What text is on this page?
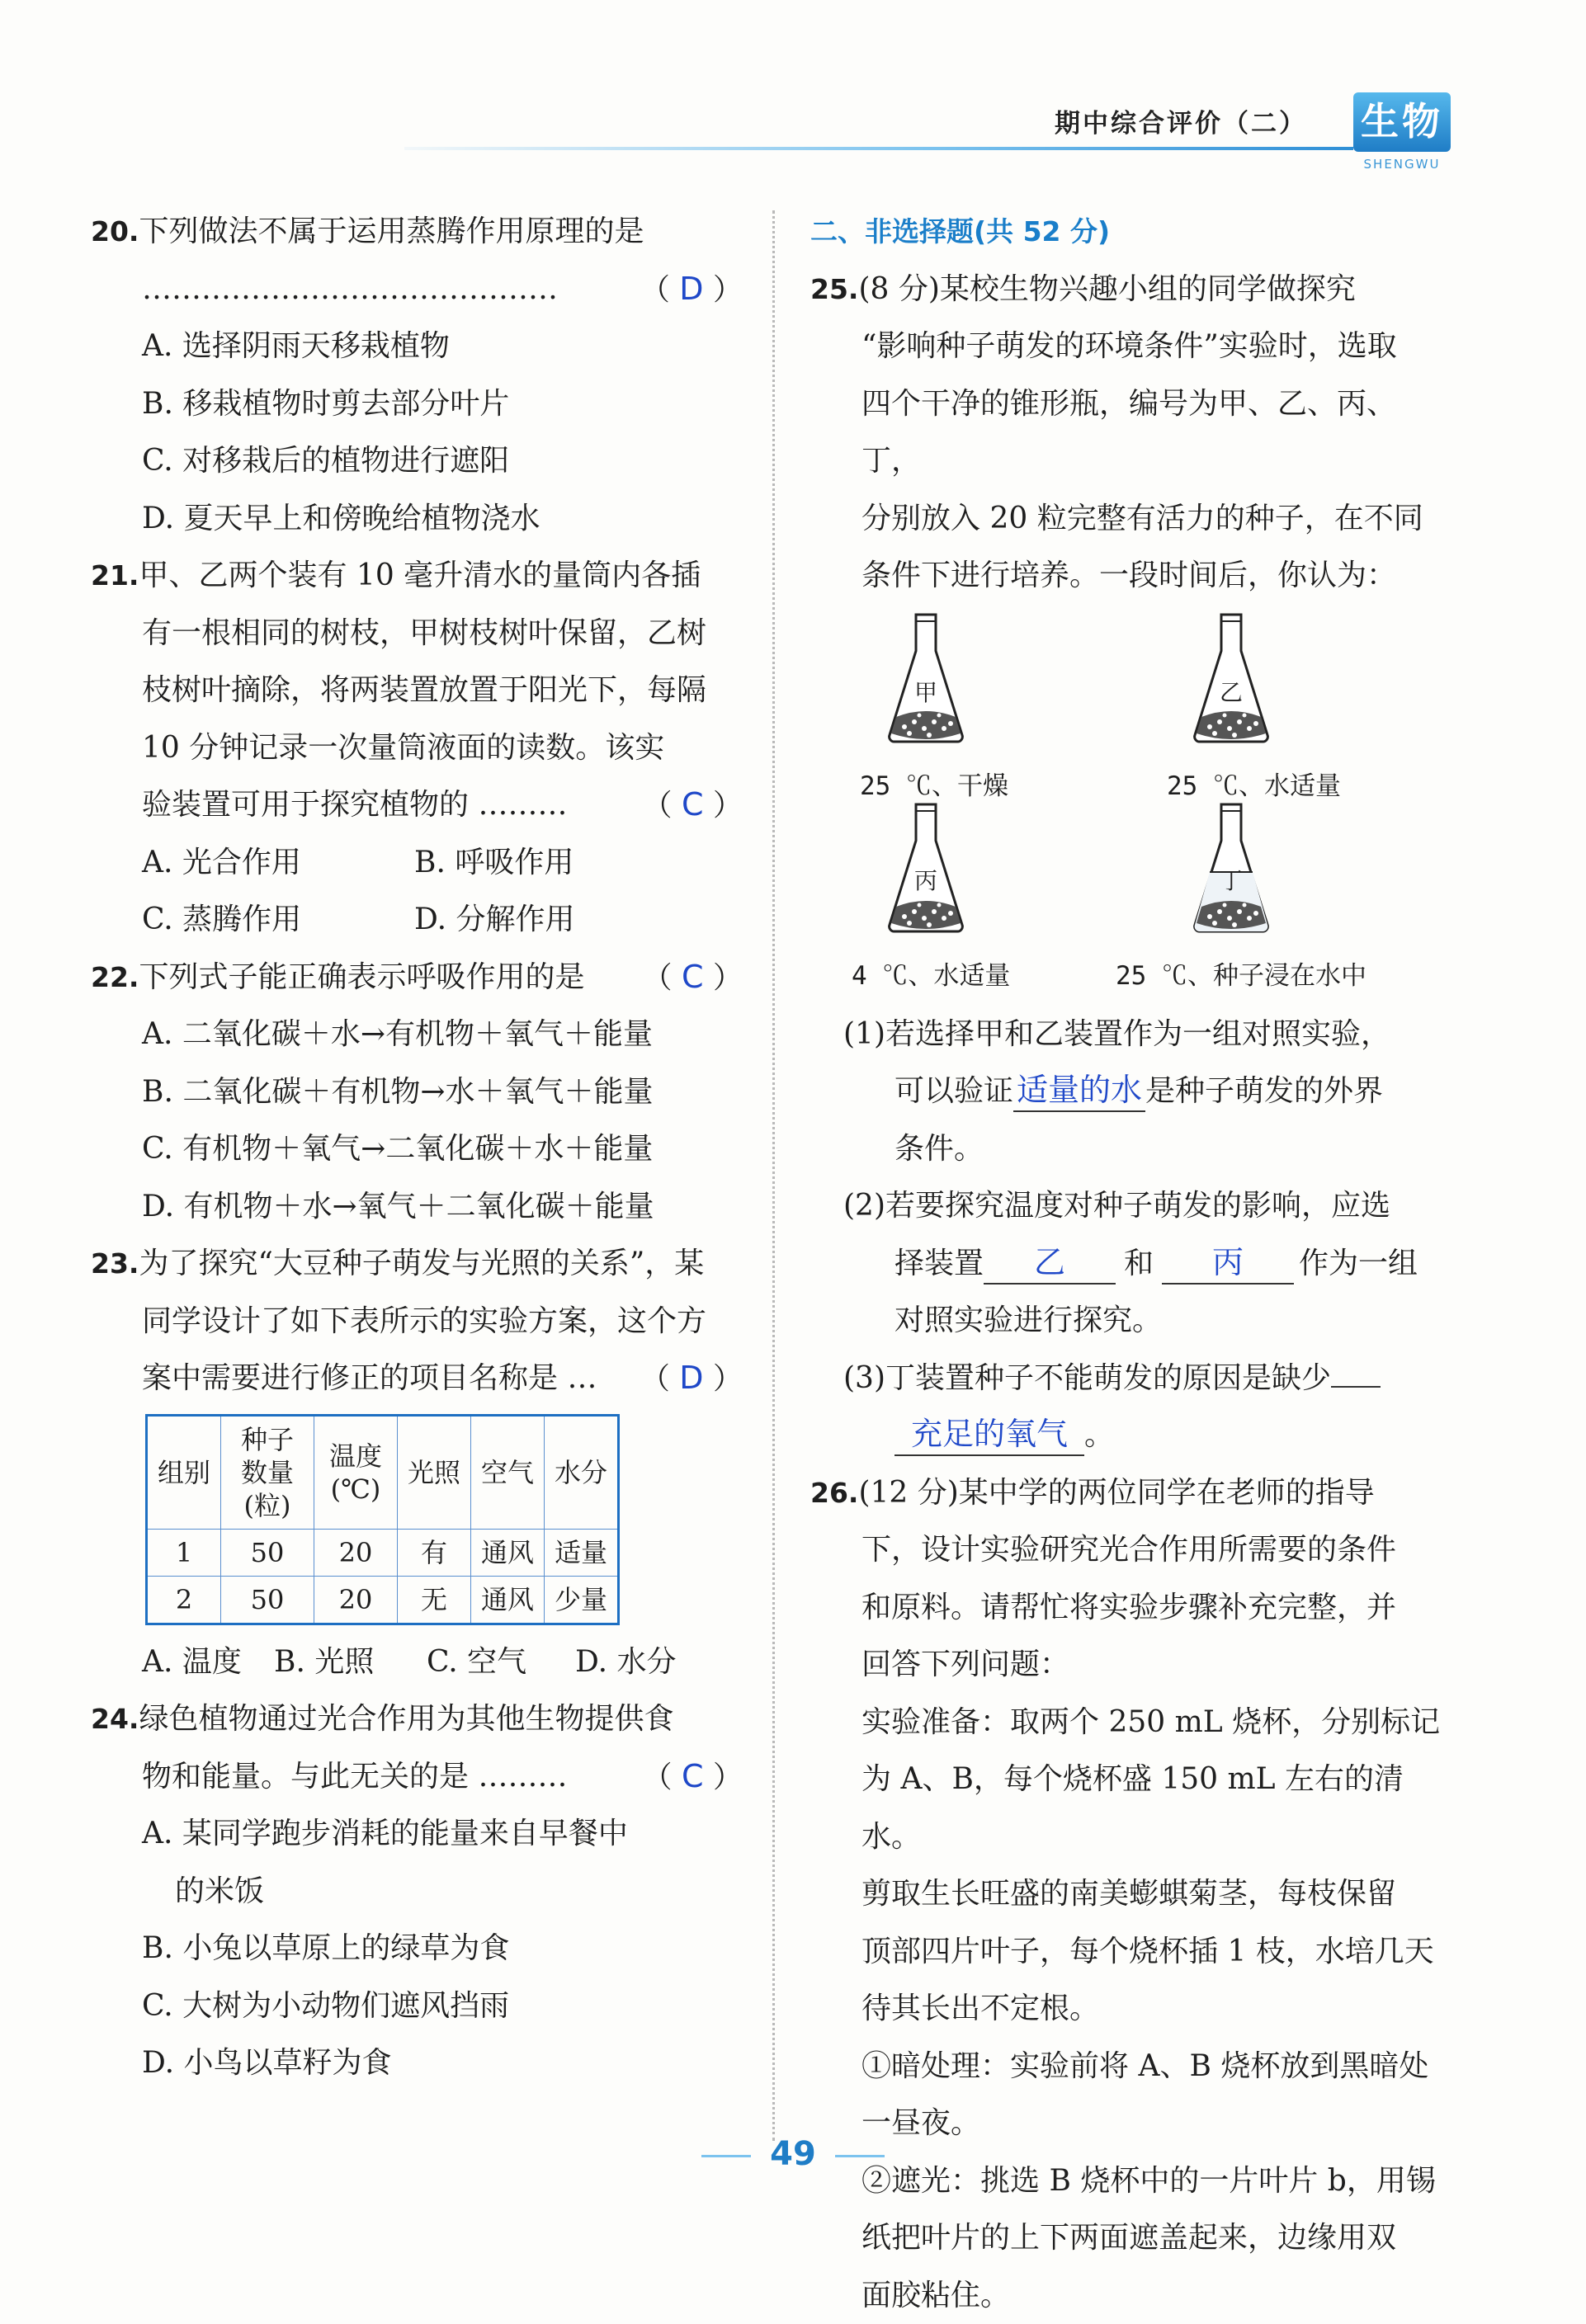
期中综合评价（二） 生物
SHENGWU

20.下列做法不属于运用蒸腾作用原理的是

……………………………………	（ D ）

A. 选择阴雨天移栽植物

B. 移栽植物时剪去部分叶片

C. 对移栽后的植物进行遮阳

D. 夏天早上和傍晚给植物浇水

21.甲、乙两个装有 10 毫升清水的量筒内各插

有一根相同的树枝，甲树枝树叶保留，乙树

枝树叶摘除，将两装置放置于阳光下，每隔

10 分钟记录一次量筒液面的读数。该实

验装置可用于探究植物的 ………	（ C ）

A. 光合作用	B. 呼吸作用

C. 蒸腾作用	D. 分解作用

22.下列式子能正确表示呼吸作用的是 （ C ）

A. 二氧化碳＋水→有机物＋氧气＋能量

B. 二氧化碳＋有机物→水＋氧气＋能量

C. 有机物＋氧气→二氧化碳＋水＋能量

D. 有机物＋水→氧气＋二氧化碳＋能量

23.为了探究“大豆种子萌发与光照的关系”，某

同学设计了如下表所示的实验方案，这个方

案中需要进行修正的项目名称是 … （ D ）

组别	种子数量(粒)	温度(℃)	光照	空气	水分
1	50	20	有	通风	适量
2	50	20	无	通风	少量

A. 温度 B. 光照 C. 空气 D. 水分

24.绿色植物通过光合作用为其他生物提供食

物和能量。与此无关的是 ………	（ C ）

A. 某同学跑步消耗的能量来自早餐中的米饭

B. 小兔以草原上的绿草为食

C. 大树为小动物们遮风挡雨

D. 小鸟以草籽为食

二、非选择题(共 52 分)

25.(8 分)某校生物兴趣小组的同学做探究

“影响种子萌发的环境条件”实验时，选取

四个干净的锥形瓶，编号为甲、乙、丙、丁，

分别放入 20 粒完整有活力的种子，在不同

条件下进行培养。一段时间后，你认为：

甲
25 ℃、干燥
乙
25 ℃、水适量
丙
4 ℃、水适量
丁
25 ℃、种子浸在水中

(1)若选择甲和乙装置作为一组对照实验，

可以验证 适量的水 是种子萌发的外界

条件。

(2)若要探究温度对种子萌发的影响，应选

择装置 乙 和 丙 作为一组

对照实验进行探究。

(3)丁装置种子不能萌发的原因是缺少

充足的氧气 。

26.(12 分)某中学的两位同学在老师的指导

下，设计实验研究光合作用所需要的条件

和原料。请帮忙将实验步骤补充完整，并

回答下列问题：

实验准备：取两个 250 mL 烧杯，分别标记

为 A、B，每个烧杯盛 150 mL 左右的清水。

剪取生长旺盛的南美蟛蜞菊茎，每枝保留

顶部四片叶子，每个烧杯插 1 枝，水培几天

待其长出不定根。

①暗处理：实验前将 A、B 烧杯放到黑暗处

一昼夜。

②遮光：挑选 B 烧杯中的一片叶片 b，用锡

纸把叶片的上下两面遮盖起来，边缘用双

面胶粘住。

49
